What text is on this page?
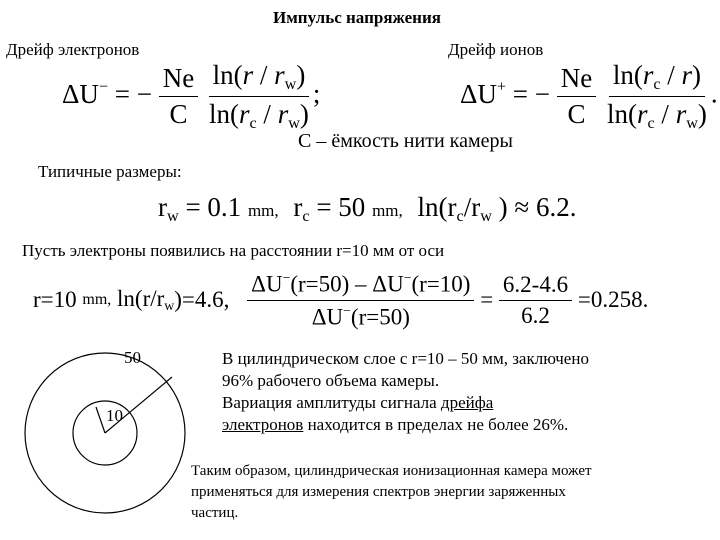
Импульс напряжения
Дрейф электронов	Дрейф ионов
ΔU− = − $\frac{Ne}{C}$
$\frac{\ln(r / r_w)}{\ln(r_c / r_w)}$ ;	ΔU+ = − $\frac{Ne}{C}$
$\frac{\ln(r_c / r)}{\ln(r_c / r_w)}$ .
C – ёмкость нити камеры
Типичные размеры:
$r_w = 0.1$ mm, $r_c = 50$ mm, $\ln(r_c/r_w$ ) ≈ 6.2.
Пусть электроны появились на расстоянии r=10 мм от оси
r=10 mm, $\ln(r/r_w)=4.6$, $\frac{\Delta U^-(r=50) - \Delta U^-(r=10)}{\Delta U^-(r=50)} = \frac{6.2-4.6}{6.2} =0.258$.
50
10
В цилиндрическом слое с r=10 – 50 мм, заключено
96% рабочего объема камеры.
Вариация амплитуды сигнала дрейфа
электронов находится в пределах не более 26%.
Таким образом, цилиндрическая ионизационная камера может
применяться для измерения спектров энергии заряженных
частиц.
